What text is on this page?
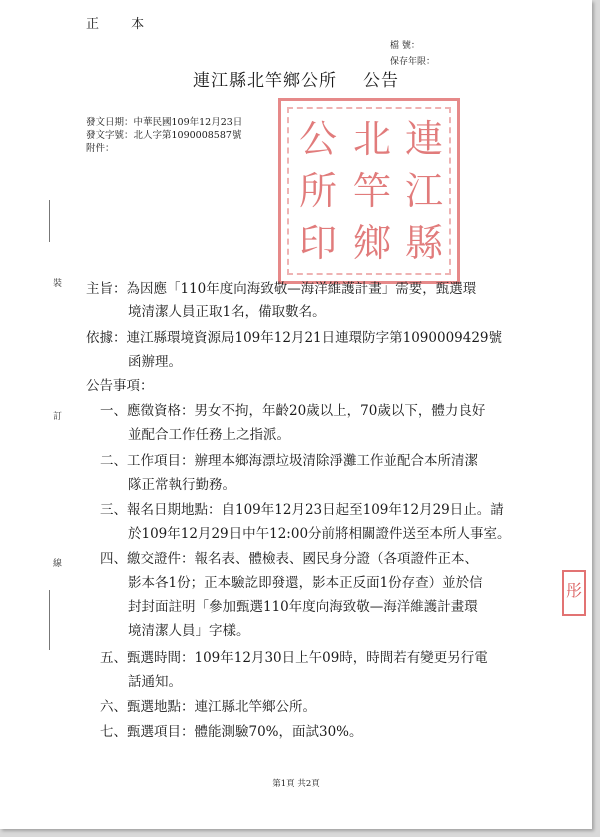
正 本
檔 號：
保存年限：
連江縣北竿鄉公所 公告
發文日期：中華民國109年12月23日
發文字號：北人字第1090008587號
附件：	連
江
縣
北
竿
鄉
公
所
印
裝
訂
線
主旨：為因應「110年度向海致敬—海洋維護計畫」需要，甄選環
境清潔人員正取1名，備取數名。
依據：連江縣環境資源局109年12月21日連環防字第1090009429號
函辦理。
公告事項：
一、應徵資格：男女不拘，年齡20歲以上，70歲以下，體力良好
並配合工作任務上之指派。
二、工作項目：辦理本鄉海漂垃圾清除淨灘工作並配合本所清潔
隊正常執行勤務。
三、報名日期地點：自109年12月23日起至109年12月29日止。請
於109年12月29日中午12:00分前將相關證件送至本所人事室。
四、繳交證件：報名表、體檢表、國民身分證（各項證件正本、
影本各1份；正本驗訖即發還，影本正反面1份存查）並於信
封封面註明「參加甄選110年度向海致敬—海洋維護計畫環
境清潔人員」字樣。
五、甄選時間：109年12月30日上午09時，時間若有變更另行電
話通知。
六、甄選地點：連江縣北竿鄉公所。
七、甄選項目：體能測驗70%，面試30%。
彤
第1頁 共2頁
